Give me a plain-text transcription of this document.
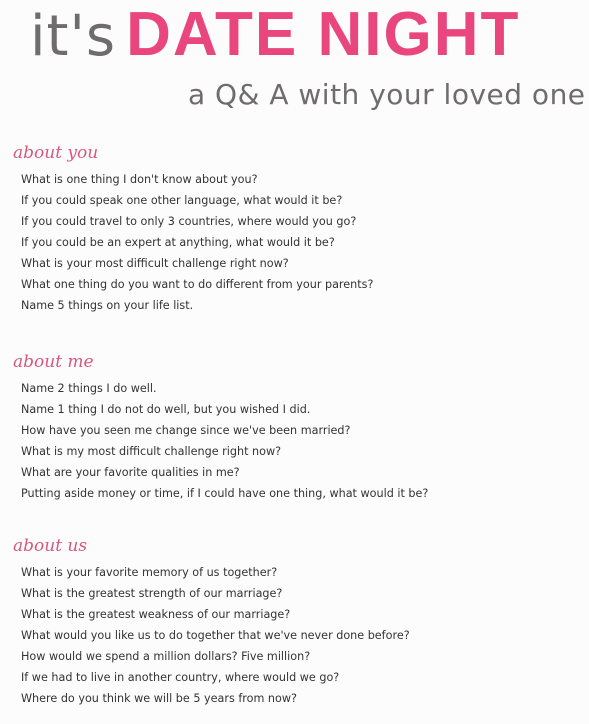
it's DATE NIGHT
a Q& A with your loved one
about you
What is one thing I don't know about you?
If you could speak one other language, what would it be?
If you could travel to only 3 countries, where would you go?
If you could be an expert at anything, what would it be?
What is your most difficult challenge right now?
What one thing do you want to do different from your parents?
Name 5 things on your life list.
about me
Name 2 things I do well.
Name 1 thing I do not do well, but you wished I did.
How have you seen me change since we've been married?
What is my most difficult challenge right now?
What are your favorite qualities in me?
Putting aside money or time, if I could have one thing, what would it be?
about us
What is your favorite memory of us together?
What is the greatest strength of our marriage?
What is the greatest weakness of our marriage?
What would you like us to do together that we've never done before?
How would we spend a million dollars? Five million?
If we had to live in another country, where would we go?
Where do you think we will be 5 years from now?
